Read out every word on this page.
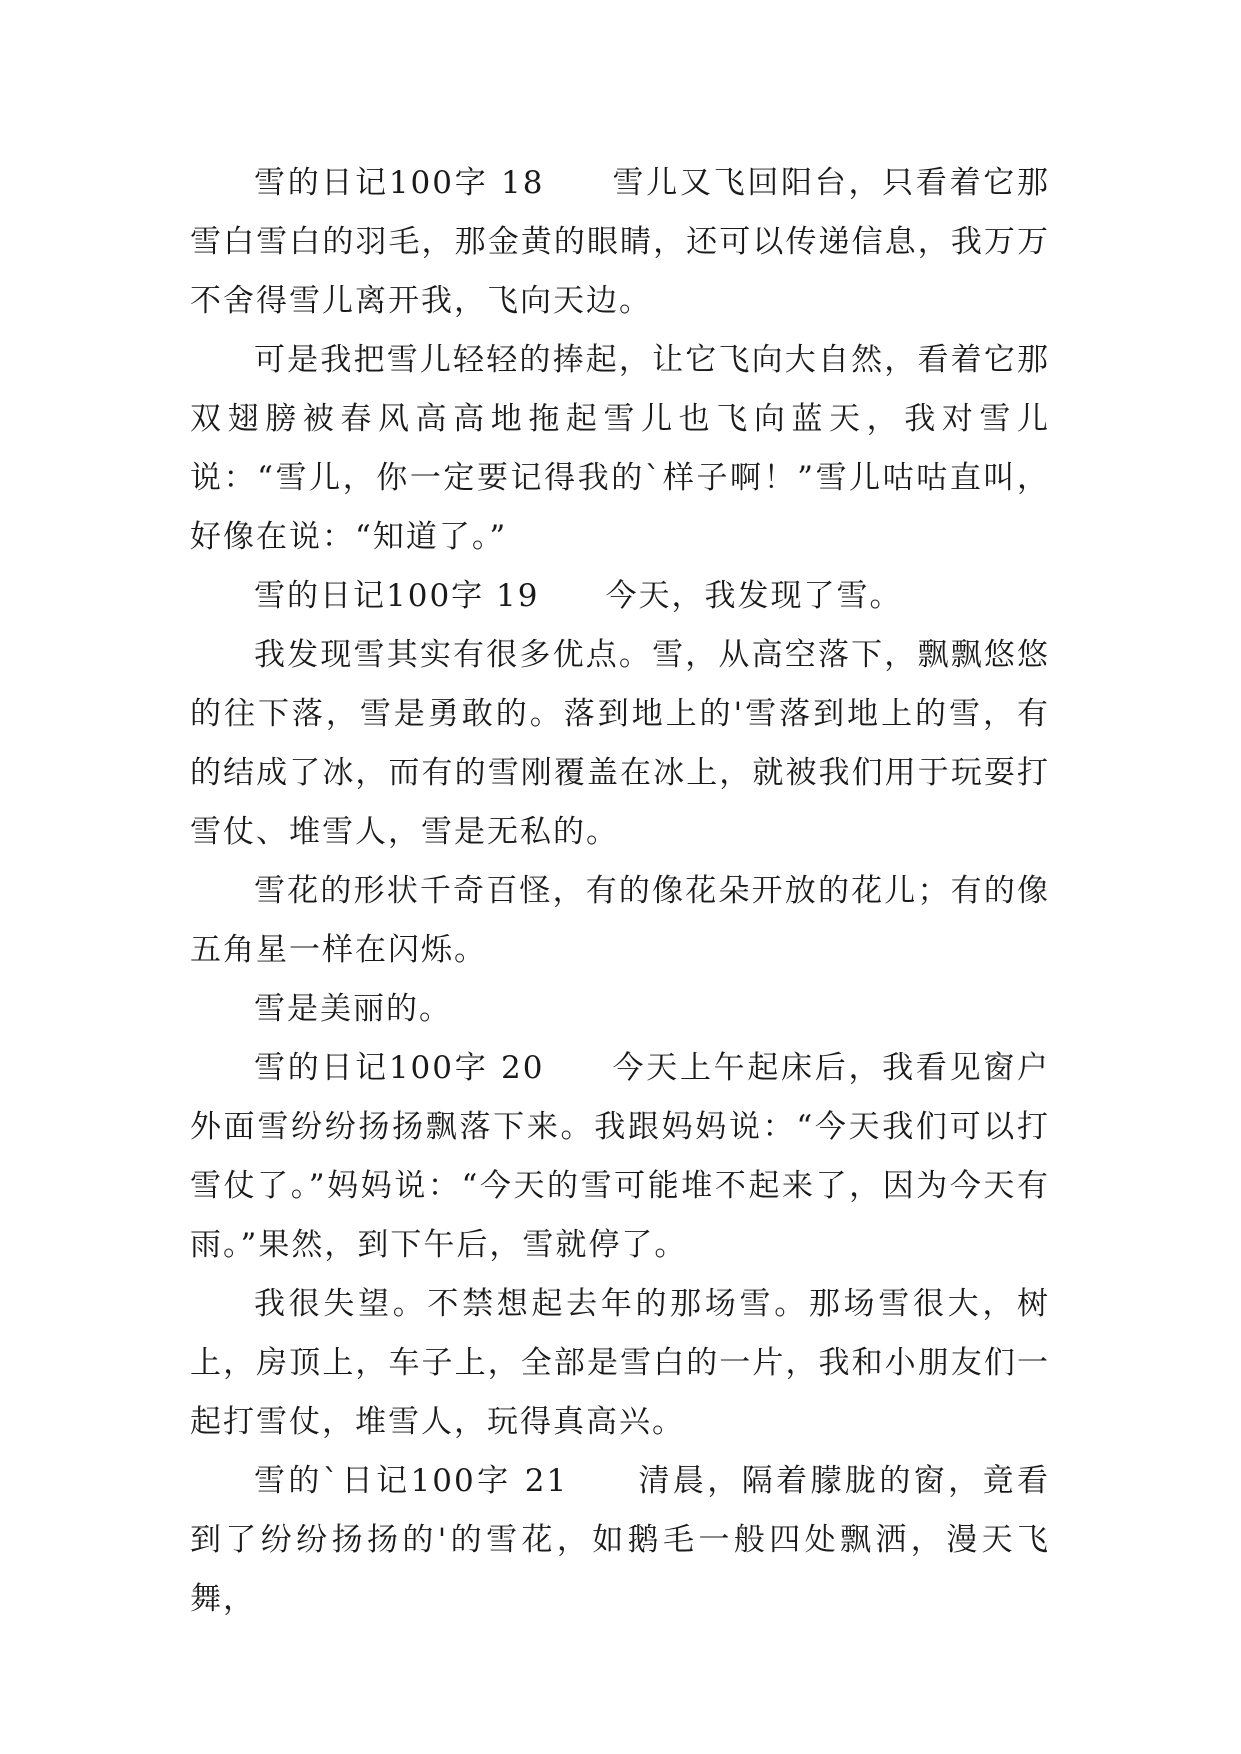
雪的日记100字 18　　雪儿又飞回阳台，只看着它那雪白雪白的羽毛，那金黄的眼睛，还可以传递信息，我万万不舍得雪儿离开我，飞向天边。

可是我把雪儿轻轻的捧起，让它飞向大自然，看着它那双翅膀被春风高高地拖起雪儿也飞向蓝天，我对雪儿说：“雪儿，你一定要记得我的`样子啊！”雪儿咕咕直叫，好像在说：“知道了。”

雪的日记100字 19　　今天，我发现了雪。

我发现雪其实有很多优点。雪，从高空落下，飘飘悠悠的往下落，雪是勇敢的。落到地上的'雪落到地上的雪，有的结成了冰，而有的雪刚覆盖在冰上，就被我们用于玩耍打雪仗、堆雪人，雪是无私的。

雪花的形状千奇百怪，有的像花朵开放的花儿；有的像五角星一样在闪烁。

雪是美丽的。

雪的日记100字 20　　今天上午起床后，我看见窗户外面雪纷纷扬扬飘落下来。我跟妈妈说：“今天我们可以打雪仗了。”妈妈说：“今天的雪可能堆不起来了，因为今天有雨。”果然，到下午后，雪就停了。

我很失望。不禁想起去年的那场雪。那场雪很大，树上，房顶上，车子上，全部是雪白的一片，我和小朋友们一起打雪仗，堆雪人，玩得真高兴。

雪的`日记100字 21　　清晨，隔着朦胧的窗，竟看到了纷纷扬扬的'的雪花，如鹅毛一般四处飘洒，漫天飞舞，
